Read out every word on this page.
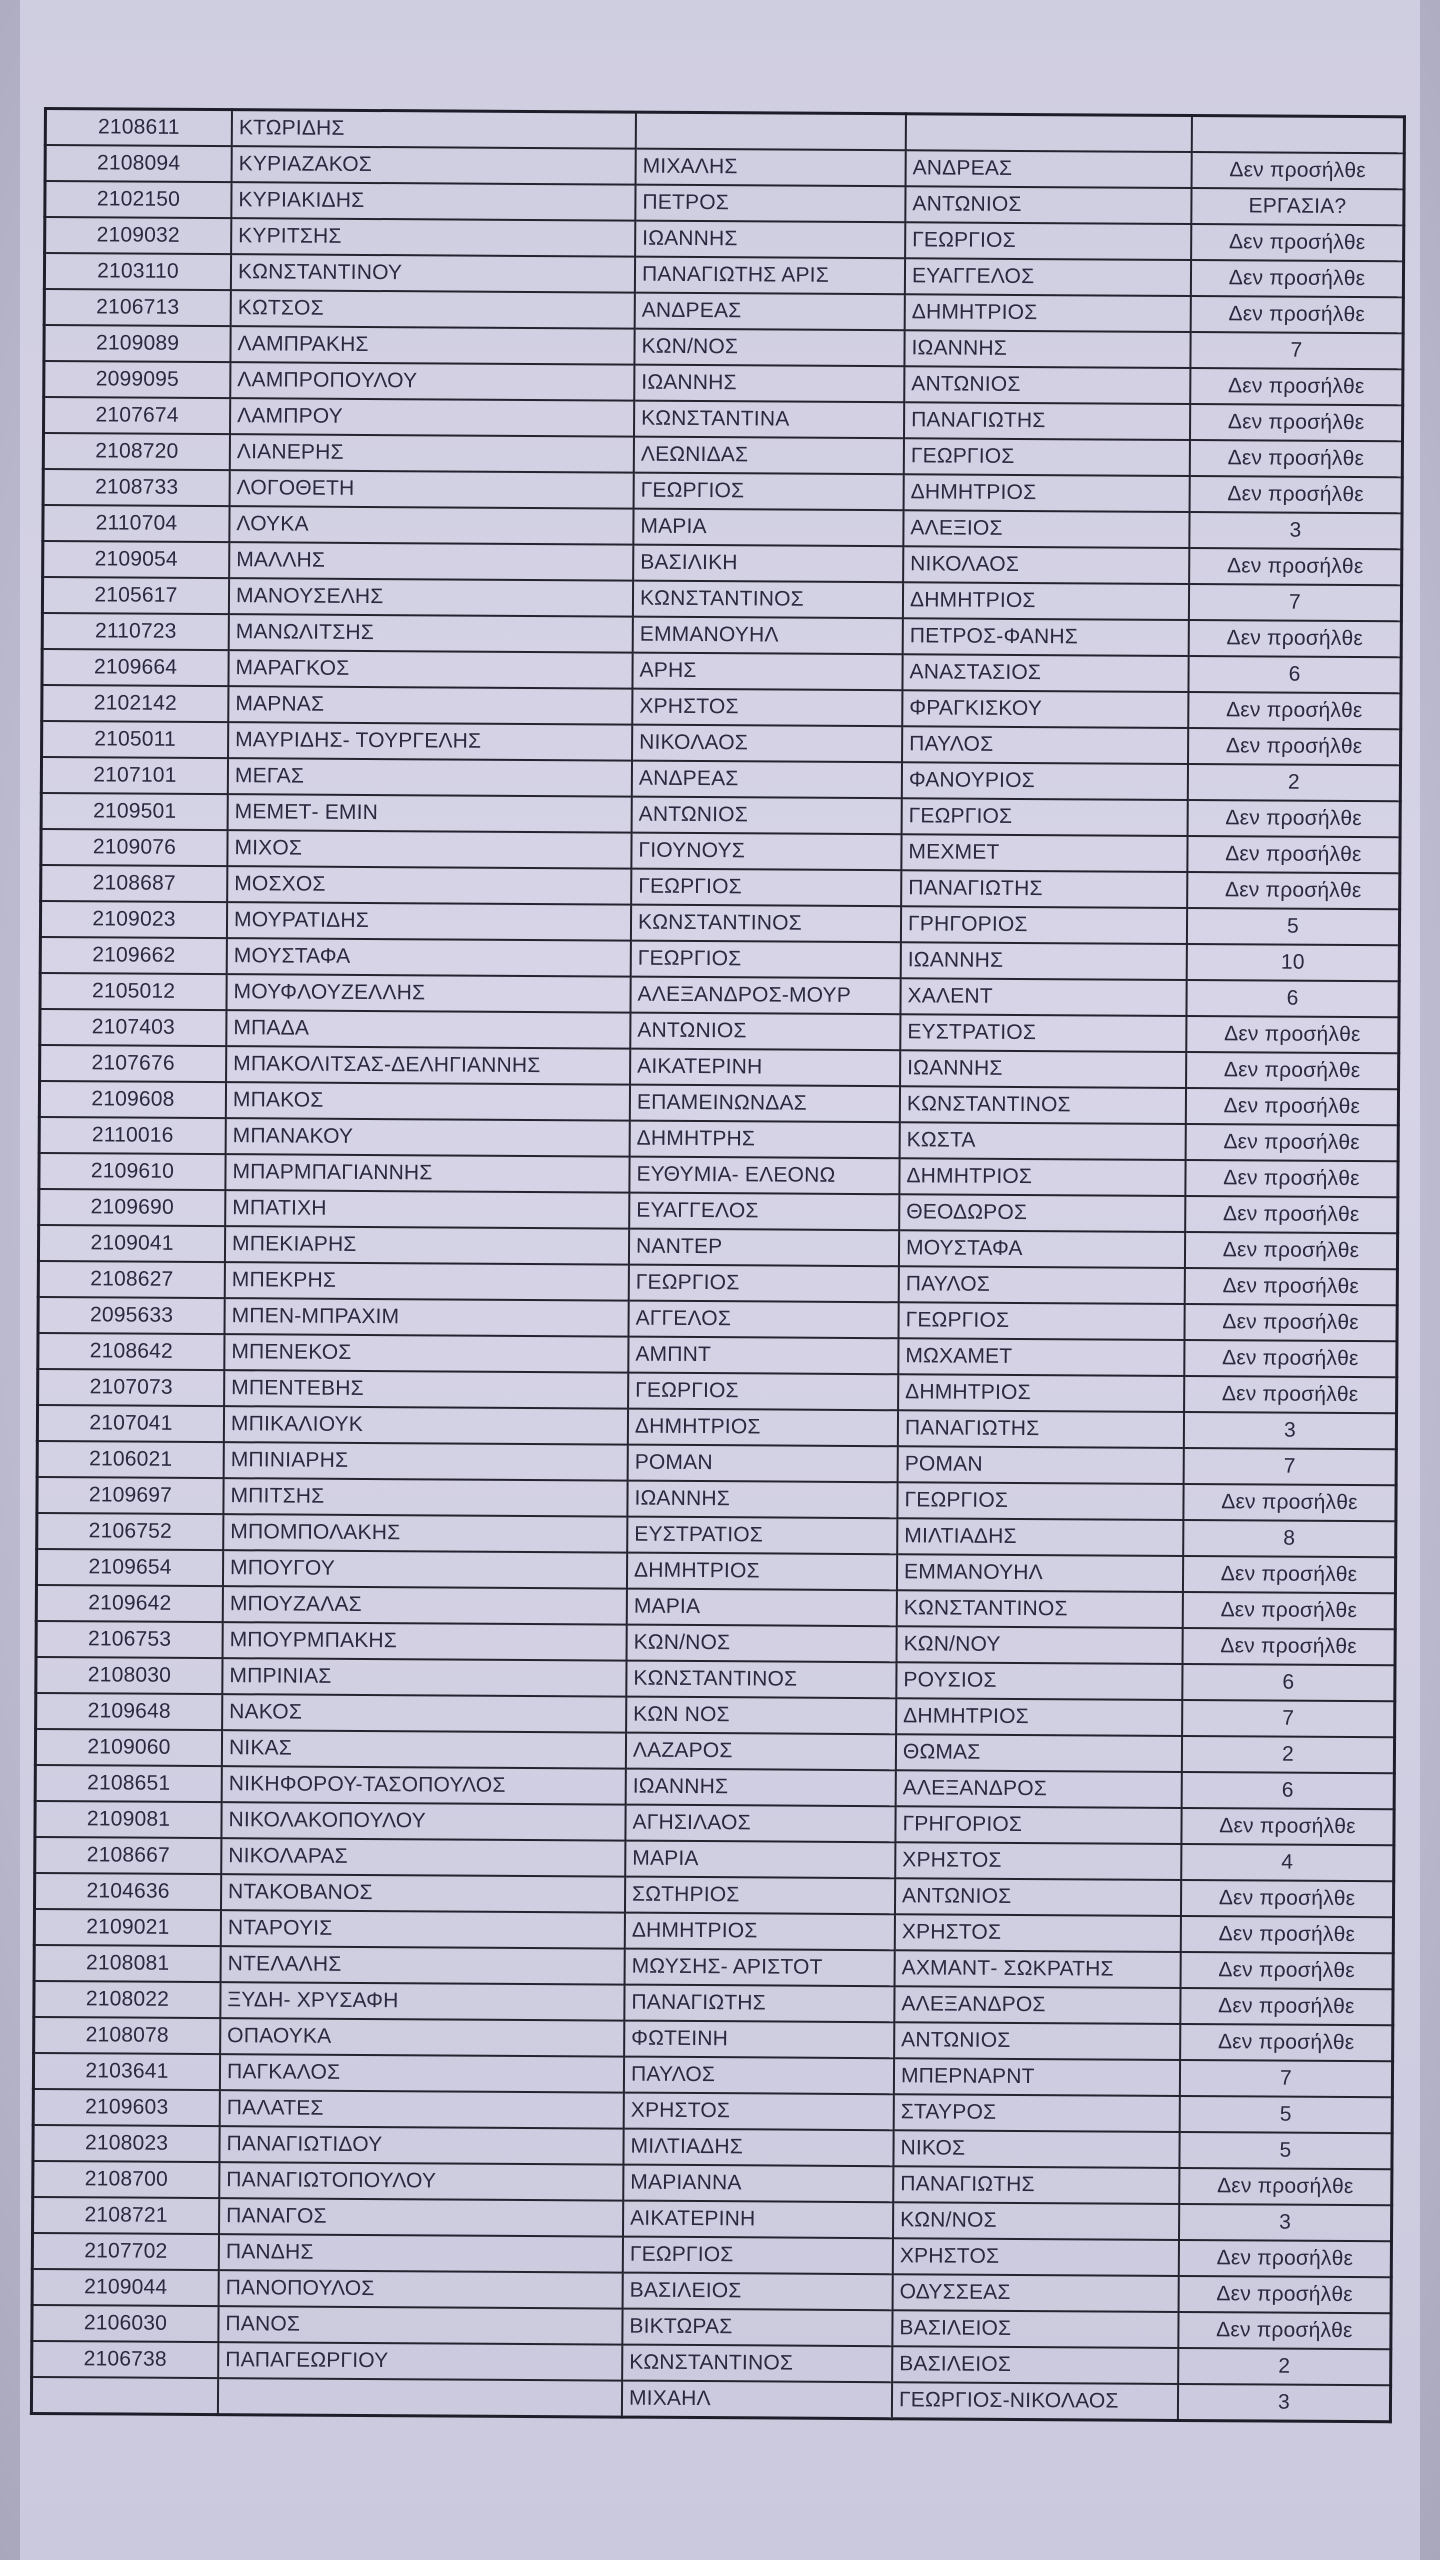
2108611	ΚΤΩΡΙΔΗΣ			
2108094	ΚΥΡΙΑΖΑΚΟΣ	ΜΙΧΑΛΗΣ	ΑΝΔΡΕΑΣ	Δεν προσήλθε
2102150	ΚΥΡΙΑΚΙΔΗΣ	ΠΕΤΡΟΣ	ΑΝΤΩΝΙΟΣ	ΕΡΓΑΣΙΑ?
2109032	ΚΥΡΙΤΣΗΣ	ΙΩΑΝΝΗΣ	ΓΕΩΡΓΙΟΣ	Δεν προσήλθε
2103110	ΚΩΝΣΤΑΝΤΙΝΟΥ	ΠΑΝΑΓΙΩΤΗΣ ΑΡΙΣ	ΕΥΑΓΓΕΛΟΣ	Δεν προσήλθε
2106713	ΚΩΤΣΟΣ	ΑΝΔΡΕΑΣ	ΔΗΜΗΤΡΙΟΣ	Δεν προσήλθε
2109089	ΛΑΜΠΡΑΚΗΣ	ΚΩΝ/ΝΟΣ	ΙΩΑΝΝΗΣ	7
2099095	ΛΑΜΠΡΟΠΟΥΛΟΥ	ΙΩΑΝΝΗΣ	ΑΝΤΩΝΙΟΣ	Δεν προσήλθε
2107674	ΛΑΜΠΡΟΥ	ΚΩΝΣΤΑΝΤΙΝΑ	ΠΑΝΑΓΙΩΤΗΣ	Δεν προσήλθε
2108720	ΛΙΑΝΕΡΗΣ	ΛΕΩΝΙΔΑΣ	ΓΕΩΡΓΙΟΣ	Δεν προσήλθε
2108733	ΛΟΓΟΘΕΤΗ	ΓΕΩΡΓΙΟΣ	ΔΗΜΗΤΡΙΟΣ	Δεν προσήλθε
2110704	ΛΟΥΚΑ	ΜΑΡΙΑ	ΑΛΕΞΙΟΣ	3
2109054	ΜΑΛΛΗΣ	ΒΑΣΙΛΙΚΗ	ΝΙΚΟΛΑΟΣ	Δεν προσήλθε
2105617	ΜΑΝΟΥΣΕΛΗΣ	ΚΩΝΣΤΑΝΤΙΝΟΣ	ΔΗΜΗΤΡΙΟΣ	7
2110723	ΜΑΝΩΛΙΤΣΗΣ	ΕΜΜΑΝΟΥΗΛ	ΠΕΤΡΟΣ-ΦΑΝΗΣ	Δεν προσήλθε
2109664	ΜΑΡΑΓΚΟΣ	ΑΡΗΣ	ΑΝΑΣΤΑΣΙΟΣ	6
2102142	ΜΑΡΝΑΣ	ΧΡΗΣΤΟΣ	ΦΡΑΓΚΙΣΚΟΥ	Δεν προσήλθε
2105011	ΜΑΥΡΙΔΗΣ- ΤΟΥΡΓΕΛΗΣ	ΝΙΚΟΛΑΟΣ	ΠΑΥΛΟΣ	Δεν προσήλθε
2107101	ΜΕΓΑΣ	ΑΝΔΡΕΑΣ	ΦΑΝΟΥΡΙΟΣ	2
2109501	ΜΕΜΕΤ- ΕΜΙΝ	ΑΝΤΩΝΙΟΣ	ΓΕΩΡΓΙΟΣ	Δεν προσήλθε
2109076	ΜΙΧΟΣ	ΓΙΟΥΝΟΥΣ	ΜΕΧΜΕΤ	Δεν προσήλθε
2108687	ΜΟΣΧΟΣ	ΓΕΩΡΓΙΟΣ	ΠΑΝΑΓΙΩΤΗΣ	Δεν προσήλθε
2109023	ΜΟΥΡΑΤΙΔΗΣ	ΚΩΝΣΤΑΝΤΙΝΟΣ	ΓΡΗΓΟΡΙΟΣ	5
2109662	ΜΟΥΣΤΑΦΑ	ΓΕΩΡΓΙΟΣ	ΙΩΑΝΝΗΣ	10
2105012	ΜΟΥΦΛΟΥΖΕΛΛΗΣ	ΑΛΕΞΑΝΔΡΟΣ-ΜΟΥΡ	ΧΑΛΕΝΤ	6
2107403	ΜΠΑΔΑ	ΑΝΤΩΝΙΟΣ	ΕΥΣΤΡΑΤΙΟΣ	Δεν προσήλθε
2107676	ΜΠΑΚΟΛΙΤΣΑΣ-ΔΕΛΗΓΙΑΝΝΗΣ	ΑΙΚΑΤΕΡΙΝΗ	ΙΩΑΝΝΗΣ	Δεν προσήλθε
2109608	ΜΠΑΚΟΣ	ΕΠΑΜΕΙΝΩΝΔΑΣ	ΚΩΝΣΤΑΝΤΙΝΟΣ	Δεν προσήλθε
2110016	ΜΠΑΝΑΚΟΥ	ΔΗΜΗΤΡΗΣ	ΚΩΣΤΑ	Δεν προσήλθε
2109610	ΜΠΑΡΜΠΑΓΙΑΝΝΗΣ	ΕΥΘΥΜΙΑ- ΕΛΕΟΝΩ	ΔΗΜΗΤΡΙΟΣ	Δεν προσήλθε
2109690	ΜΠΑΤΙΧΗ	ΕΥΑΓΓΕΛΟΣ	ΘΕΟΔΩΡΟΣ	Δεν προσήλθε
2109041	ΜΠΕΚΙΑΡΗΣ	ΝΑΝΤΕΡ	ΜΟΥΣΤΑΦΑ	Δεν προσήλθε
2108627	ΜΠΕΚΡΗΣ	ΓΕΩΡΓΙΟΣ	ΠΑΥΛΟΣ	Δεν προσήλθε
2095633	ΜΠΕΝ-ΜΠΡΑΧΙΜ	ΑΓΓΕΛΟΣ	ΓΕΩΡΓΙΟΣ	Δεν προσήλθε
2108642	ΜΠΕΝΕΚΟΣ	ΑΜΠΝΤ	ΜΩΧΑΜΕΤ	Δεν προσήλθε
2107073	ΜΠΕΝΤΕΒΗΣ	ΓΕΩΡΓΙΟΣ	ΔΗΜΗΤΡΙΟΣ	Δεν προσήλθε
2107041	ΜΠΙΚΑΛΙΟΥΚ	ΔΗΜΗΤΡΙΟΣ	ΠΑΝΑΓΙΩΤΗΣ	3
2106021	ΜΠΙΝΙΑΡΗΣ	ΡΟΜΑΝ	ΡΟΜΑΝ	7
2109697	ΜΠΙΤΣΗΣ	ΙΩΑΝΝΗΣ	ΓΕΩΡΓΙΟΣ	Δεν προσήλθε
2106752	ΜΠΟΜΠΟΛΑΚΗΣ	ΕΥΣΤΡΑΤΙΟΣ	ΜΙΛΤΙΑΔΗΣ	8
2109654	ΜΠΟΥΓΟΥ	ΔΗΜΗΤΡΙΟΣ	ΕΜΜΑΝΟΥΗΛ	Δεν προσήλθε
2109642	ΜΠΟΥΖΑΛΑΣ	ΜΑΡΙΑ	ΚΩΝΣΤΑΝΤΙΝΟΣ	Δεν προσήλθε
2106753	ΜΠΟΥΡΜΠΑΚΗΣ	ΚΩΝ/ΝΟΣ	ΚΩΝ/ΝΟΥ	Δεν προσήλθε
2108030	ΜΠΡΙΝΙΑΣ	ΚΩΝΣΤΑΝΤΙΝΟΣ	ΡΟΥΣΙΟΣ	6
2109648	ΝΑΚΟΣ	ΚΩΝ ΝΟΣ	ΔΗΜΗΤΡΙΟΣ	7
2109060	ΝΙΚΑΣ	ΛΑΖΑΡΟΣ	ΘΩΜΑΣ	2
2108651	ΝΙΚΗΦΟΡΟΥ-ΤΑΣΟΠΟΥΛΟΣ	ΙΩΑΝΝΗΣ	ΑΛΕΞΑΝΔΡΟΣ	6
2109081	ΝΙΚΟΛΑΚΟΠΟΥΛΟΥ	ΑΓΗΣΙΛΑΟΣ	ΓΡΗΓΟΡΙΟΣ	Δεν προσήλθε
2108667	ΝΙΚΟΛΑΡΑΣ	ΜΑΡΙΑ	ΧΡΗΣΤΟΣ	4
2104636	ΝΤΑΚΟΒΑΝΟΣ	ΣΩΤΗΡΙΟΣ	ΑΝΤΩΝΙΟΣ	Δεν προσήλθε
2109021	ΝΤΑΡΟΥΙΣ	ΔΗΜΗΤΡΙΟΣ	ΧΡΗΣΤΟΣ	Δεν προσήλθε
2108081	ΝΤΕΛΑΛΗΣ	ΜΩΥΣΗΣ- ΑΡΙΣΤΟΤ	ΑΧΜΑΝΤ- ΣΩΚΡΑΤΗΣ	Δεν προσήλθε
2108022	ΞΥΔΗ- ΧΡΥΣΑΦΗ	ΠΑΝΑΓΙΩΤΗΣ	ΑΛΕΞΑΝΔΡΟΣ	Δεν προσήλθε
2108078	ΟΠΑΟΥΚΑ	ΦΩΤΕΙΝΗ	ΑΝΤΩΝΙΟΣ	Δεν προσήλθε
2103641	ΠΑΓΚΑΛΟΣ	ΠΑΥΛΟΣ	ΜΠΕΡΝΑΡΝΤ	7
2109603	ΠΑΛΑΤΕΣ	ΧΡΗΣΤΟΣ	ΣΤΑΥΡΟΣ	5
2108023	ΠΑΝΑΓΙΩΤΙΔΟΥ	ΜΙΛΤΙΑΔΗΣ	ΝΙΚΟΣ	5
2108700	ΠΑΝΑΓΙΩΤΟΠΟΥΛΟΥ	ΜΑΡΙΑΝΝΑ	ΠΑΝΑΓΙΩΤΗΣ	Δεν προσήλθε
2108721	ΠΑΝΑΓΟΣ	ΑΙΚΑΤΕΡΙΝΗ	ΚΩΝ/ΝΟΣ	3
2107702	ΠΑΝΔΗΣ	ΓΕΩΡΓΙΟΣ	ΧΡΗΣΤΟΣ	Δεν προσήλθε
2109044	ΠΑΝΟΠΟΥΛΟΣ	ΒΑΣΙΛΕΙΟΣ	ΟΔΥΣΣΕΑΣ	Δεν προσήλθε
2106030	ΠΑΝΟΣ	ΒΙΚΤΩΡΑΣ	ΒΑΣΙΛΕΙΟΣ	Δεν προσήλθε
2106738	ΠΑΠΑΓΕΩΡΓΙΟΥ	ΚΩΝΣΤΑΝΤΙΝΟΣ	ΒΑΣΙΛΕΙΟΣ	2
		ΜΙΧΑΗΛ	ΓΕΩΡΓΙΟΣ-ΝΙΚΟΛΑΟΣ	3
